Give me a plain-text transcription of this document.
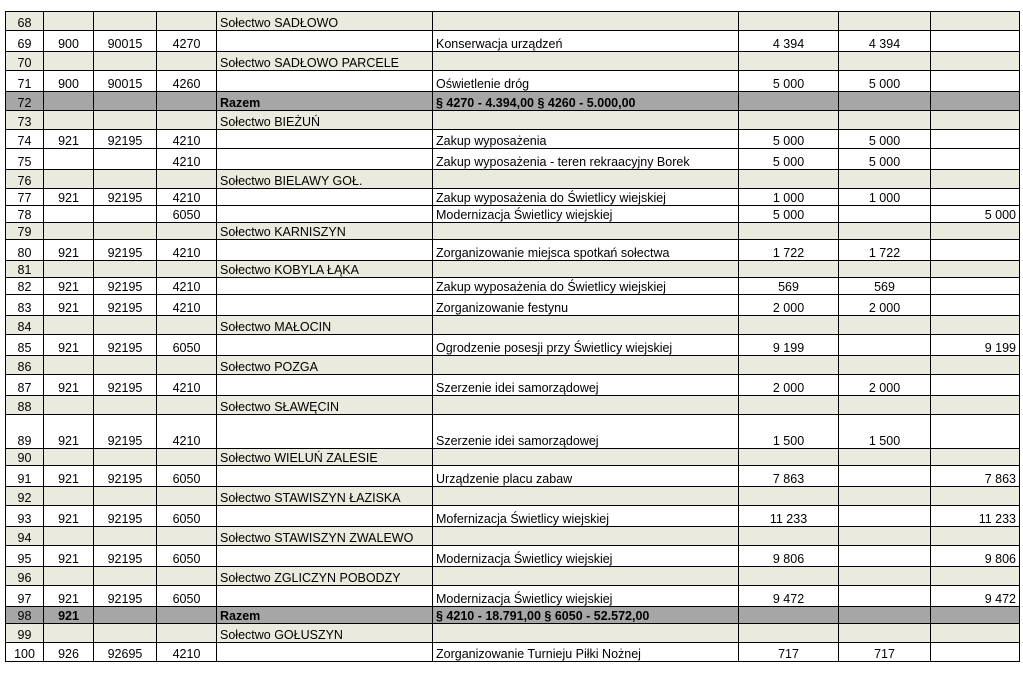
68				Sołectwo SADŁOWO				
69	900	90015	4270		Konserwacja urządzeń	4 394	4 394	
70				Sołectwo SADŁOWO PARCELE				
71	900	90015	4260		Oświetlenie dróg	5 000	5 000	
72				Razem	§ 4270 - 4.394,00 § 4260 - 5.000,00			
73				Sołectwo BIEŻUŃ				
74	921	92195	4210		Zakup wyposażenia	5 000	5 000	
75			4210		Zakup wyposażenia - teren rekraacyjny Borek	5 000	5 000	
76				Sołectwo BIELAWY GOŁ.				
77	921	92195	4210		Zakup wyposażenia do Świetlicy wiejskiej	1 000	1 000	
78			6050		Modernizacja Świetlicy wiejskiej	5 000		5 000
79				Sołectwo KARNISZYN				
80	921	92195	4210		Zorganizowanie miejsca spotkań sołectwa	1 722	1 722	
81				Sołectwo KOBYLA ŁĄKA				
82	921	92195	4210		Zakup wyposażenia do Świetlicy wiejskiej	569	569	
83	921	92195	4210		Zorganizowanie festynu	2 000	2 000	
84				Sołectwo MAŁOCIN				
85	921	92195	6050		Ogrodzenie posesji przy Świetlicy wiejskiej	9 199		9 199
86				Sołectwo POZGA				
87	921	92195	4210		Szerzenie idei samorządowej	2 000	2 000	
88				Sołectwo SŁAWĘCIN				
89	921	92195	4210		Szerzenie idei samorządowej	1 500	1 500	
90				Sołectwo WIELUŃ ZALESIE				
91	921	92195	6050		Urządzenie placu zabaw	7 863		7 863
92				Sołectwo STAWISZYN ŁAZISKA				
93	921	92195	6050		Mofernizacja Świetlicy wiejskiej	11 233		11 233
94				Sołectwo STAWISZYN ZWALEWO				
95	921	92195	6050		Modernizacja Świetlicy wiejskiej	9 806		9 806
96				Sołectwo ZGLICZYN POBODZY				
97	921	92195	6050		Modernizacja Świetlicy wiejskiej	9 472		9 472
98	921			Razem	§ 4210 - 18.791,00 § 6050 - 52.572,00			
99				Sołectwo GOŁUSZYN				
100	926	92695	4210		Zorganizowanie Turnieju Piłki Nożnej	717	717	
